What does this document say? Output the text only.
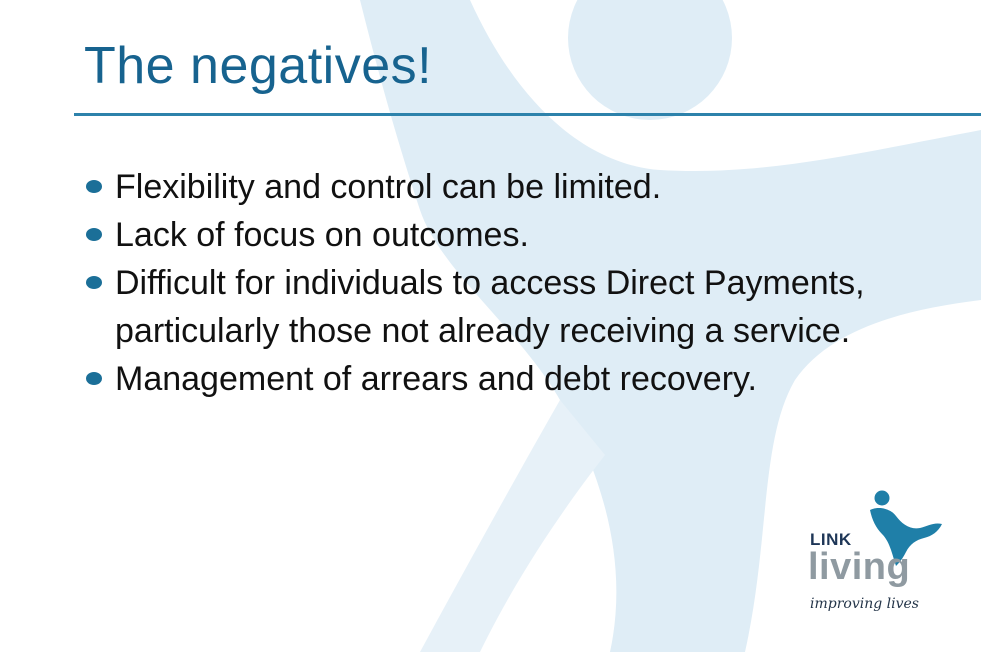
The negatives!
Flexibility and control can be limited.
Lack of focus on outcomes.
Difficult for individuals to access Direct Payments, particularly those not already receiving a service.
Management of arrears and debt recovery.
LINK
living
improving lives
